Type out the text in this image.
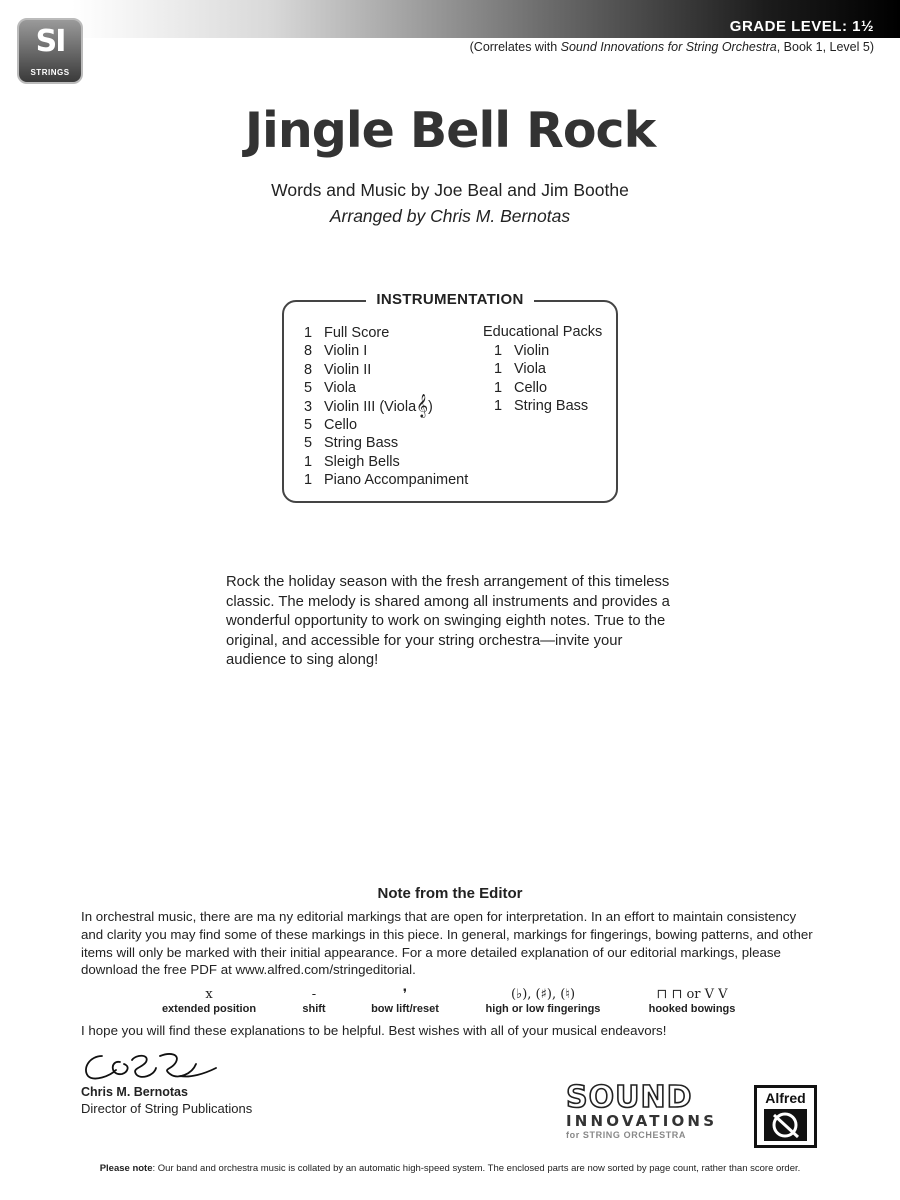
GRADE LEVEL: 1½
(Correlates with Sound Innovations for String Orchestra, Book 1, Level 5)
SI
STRINGS
Jingle Bell Rock
Words and Music by Joe Beal and Jim Boothe
Arranged by Chris M. Bernotas
INSTRUMENTATION
1 Full Score
8 Violin I
8 Violin II
5 Viola
3 Violin III (Viola 𝄞 )
5 Cello
5 String Bass
1 Sleigh Bells
1 Piano Accompaniment
Educational Packs
1 Violin
1 Viola
1 Cello
1 String Bass
Rock the holiday season with the fresh arrangement of this timeless classic. The melody is shared among all instruments and provides a wonderful opportunity to work on swinging eighth notes. True to the original, and accessible for your string orchestra—invite your audience to sing along!
Note from the Editor
In orchestral music, there are ma ny editorial markings that are open for interpretation. In an effort to maintain consistency and clarity you may find some of these markings in this piece. In general, markings for fingerings, bowing patterns, and other items will only be marked with their initial appearance. For a more detailed explanation of our editorial markings, please download the free PDF at www.alfred.com/stringeditorial.
x
extended position
-
shift
❜
bow lift/reset
(♭), (♯), (♮)
high or low fingerings
⊓ ⊓ or V V
hooked bowings
I hope you will find these explanations to be helpful. Best wishes with all of your musical endeavors!
Chris M. Bernotas
Director of String Publications	SOUND
INNOVATIONS
for STRING ORCHESTRA
Alfred
Please note: Our band and orchestra music is collated by an automatic high-speed system. The enclosed parts are now sorted by page count, rather than score order.
